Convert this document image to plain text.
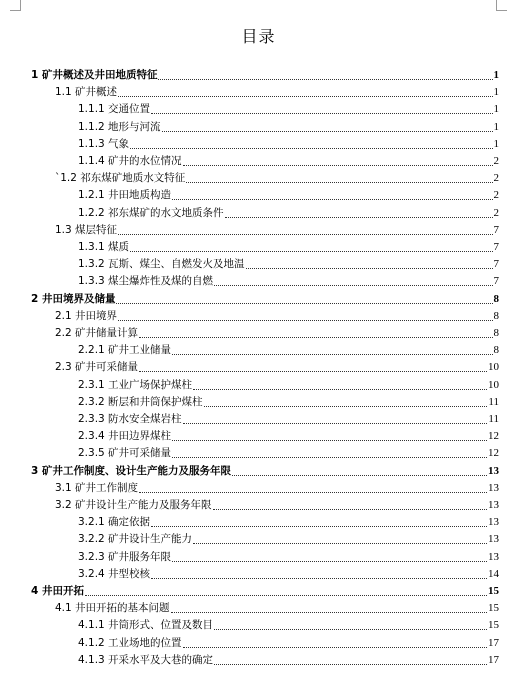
目录
1 矿井概述及井田地质特征	1
1.1 矿井概述	1
1.1.1 交通位置	1
1.1.2 地形与河流	1
1.1.3 气象	1
1.1.4 矿井的水位情况	2
`1.2 祁东煤矿地质水文特征	2
1.2.1 井田地质构造	2
1.2.2 祁东煤矿的水文地质条件	2
1.3 煤层特征	7
1.3.1 煤质	7
1.3.2 瓦斯、煤尘、自燃发火及地温	7
1.3.3 煤尘爆炸性及煤的自燃	7
2 井田境界及储量	8
2.1 井田境界	8
2.2 矿井储量计算	8
2.2.1 矿井工业储量	8
2.3 矿井可采储量	10
2.3.1 工业广场保护煤柱	10
2.3.2 断层和井筒保护煤柱	11
2.3.3 防水安全煤岩柱	11
2.3.4 井田边界煤柱	12
2.3.5 矿井可采储量	12
3 矿井工作制度、设计生产能力及服务年限	13
3.1 矿井工作制度	13
3.2 矿井设计生产能力及服务年限	13
3.2.1 确定依据	13
3.2.2 矿井设计生产能力	13
3.2.3 矿井服务年限	13
3.2.4 井型校核	14
4 井田开拓	15
4.1 井田开拓的基本问题	15
4.1.1 井筒形式、位置及数目	15
4.1.2 工业场地的位置	17
4.1.3 开采水平及大巷的确定	17
